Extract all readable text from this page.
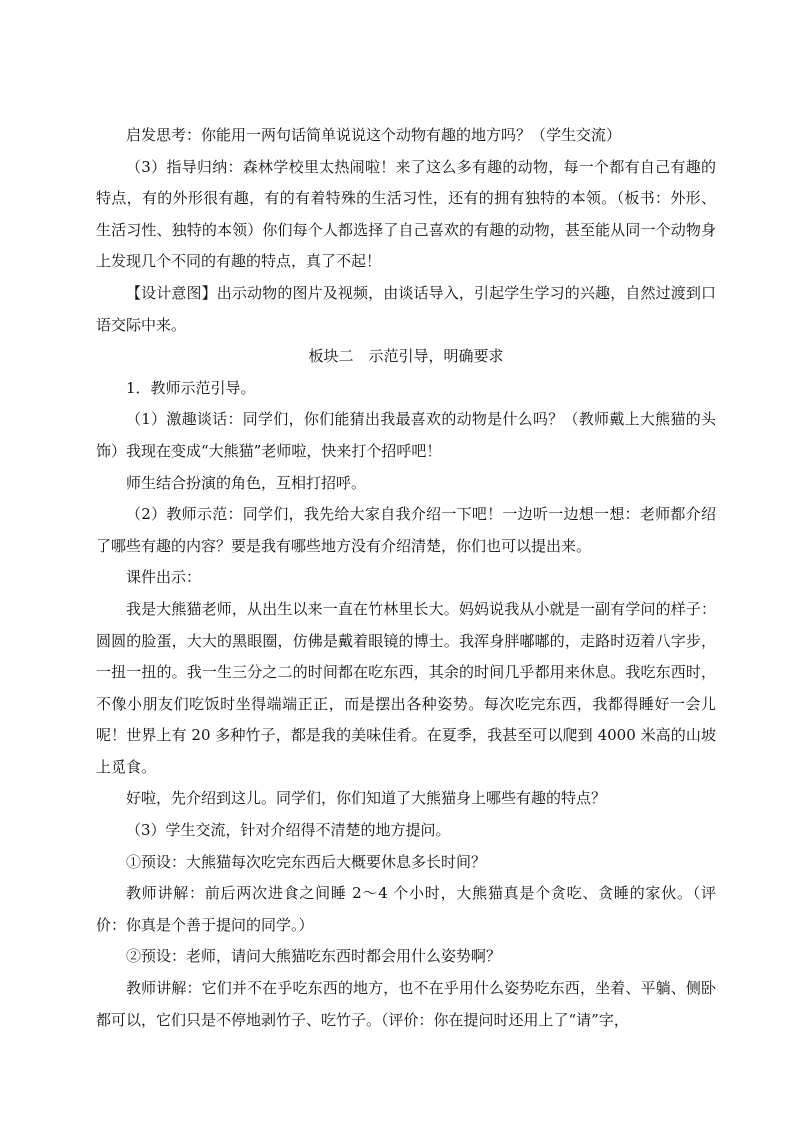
启发思考：你能用一两句话简单说说这个动物有趣的地方吗？（学生交流）

（3）指导归纳：森林学校里太热闹啦！来了这么多有趣的动物，每一个都有自己有趣的特点，有的外形很有趣，有的有着特殊的生活习性，还有的拥有独特的本领。（板书：外形、生活习性、独特的本领）你们每个人都选择了自己喜欢的有趣的动物，甚至能从同一个动物身上发现几个不同的有趣的特点，真了不起！

【设计意图】出示动物的图片及视频，由谈话导入，引起学生学习的兴趣，自然过渡到口语交际中来。

板块二　示范引导，明确要求

1．教师示范引导。

（1）激趣谈话：同学们，你们能猜出我最喜欢的动物是什么吗？（教师戴上大熊猫的头饰）我现在变成“大熊猫”老师啦，快来打个招呼吧！

师生结合扮演的角色，互相打招呼。

（2）教师示范：同学们，我先给大家自我介绍一下吧！一边听一边想一想：老师都介绍了哪些有趣的内容？要是我有哪些地方没有介绍清楚，你们也可以提出来。

课件出示：

我是大熊猫老师，从出生以来一直在竹林里长大。妈妈说我从小就是一副有学问的样子：圆圆的脸蛋，大大的黑眼圈，仿佛是戴着眼镜的博士。我浑身胖嘟嘟的，走路时迈着八字步，一扭一扭的。我一生三分之二的时间都在吃东西，其余的时间几乎都用来休息。我吃东西时，不像小朋友们吃饭时坐得端端正正，而是摆出各种姿势。每次吃完东西，我都得睡好一会儿呢！世界上有 20 多种竹子，都是我的美味佳肴。在夏季，我甚至可以爬到 4000 米高的山坡上觅食。

好啦，先介绍到这儿。同学们，你们知道了大熊猫身上哪些有趣的特点？

（3）学生交流，针对介绍得不清楚的地方提问。

①预设：大熊猫每次吃完东西后大概要休息多长时间？

教师讲解：前后两次进食之间睡 2～4 个小时，大熊猫真是个贪吃、贪睡的家伙。（评价：你真是个善于提问的同学。）

②预设：老师，请问大熊猫吃东西时都会用什么姿势啊？

教师讲解：它们并不在乎吃东西的地方，也不在乎用什么姿势吃东西，坐着、平躺、侧卧都可以，它们只是不停地剥竹子、吃竹子。（评价：你在提问时还用上了“请”字，
